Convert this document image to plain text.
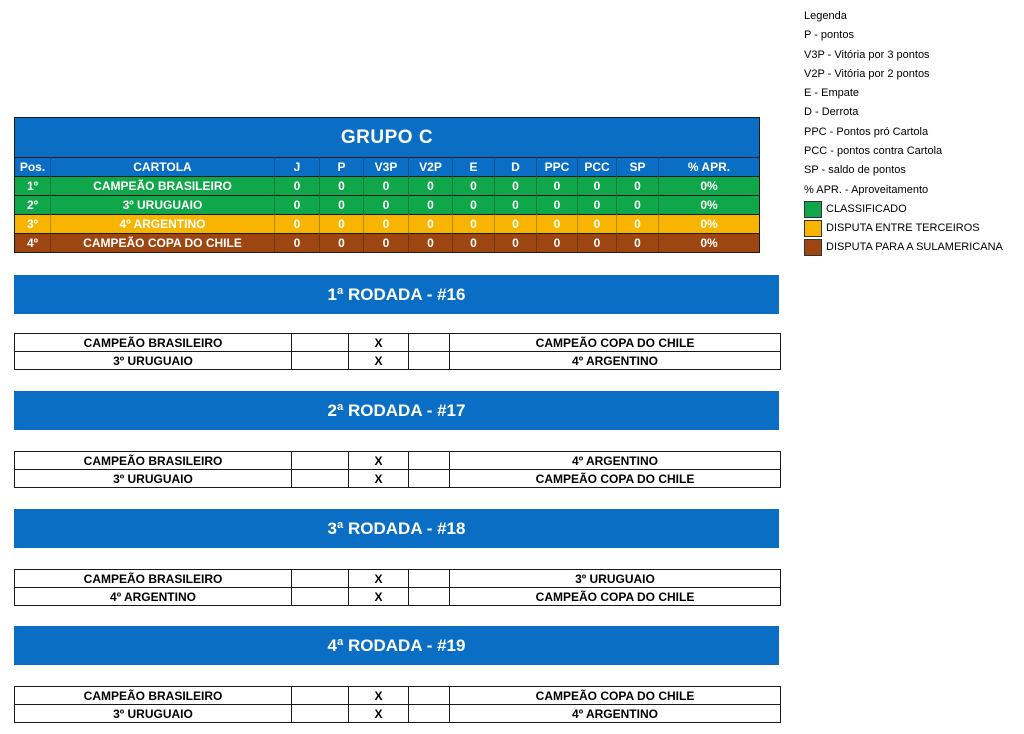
Legenda
P - pontos
V3P - Vitória por 3 pontos
V2P - Vitória por 2 pontos
E - Empate
D - Derrota
PPC - Pontos pró Cartola
PCC - pontos contra Cartola
SP - saldo de pontos
% APR. - Aproveitamento
CLASSIFICADO
DISPUTA ENTRE TERCEIROS
DISPUTA PARA A SULAMERICANA
GRUPO C
Pos.	CARTOLA	J	P	V3P	V2P	E	D	PPC	PCC	SP	% APR.
1º	CAMPEÃO BRASILEIRO	0	0	0	0	0	0	0	0	0	0%
2º	3º URUGUAIO	0	0	0	0	0	0	0	0	0	0%
3º	4º ARGENTINO	0	0	0	0	0	0	0	0	0	0%
4º	CAMPEÃO COPA DO CHILE	0	0	0	0	0	0	0	0	0	0%
1ª RODADA - #16
CAMPEÃO BRASILEIRO	X	CAMPEÃO COPA DO CHILE
3º URUGUAIO	X	4º ARGENTINO
2ª RODADA - #17
CAMPEÃO BRASILEIRO	X	4º ARGENTINO
3º URUGUAIO	X	CAMPEÃO COPA DO CHILE
3ª RODADA - #18
CAMPEÃO BRASILEIRO	X	3º URUGUAIO
4º ARGENTINO	X	CAMPEÃO COPA DO CHILE
4ª RODADA - #19
CAMPEÃO BRASILEIRO	X	CAMPEÃO COPA DO CHILE
3º URUGUAIO	X	4º ARGENTINO
